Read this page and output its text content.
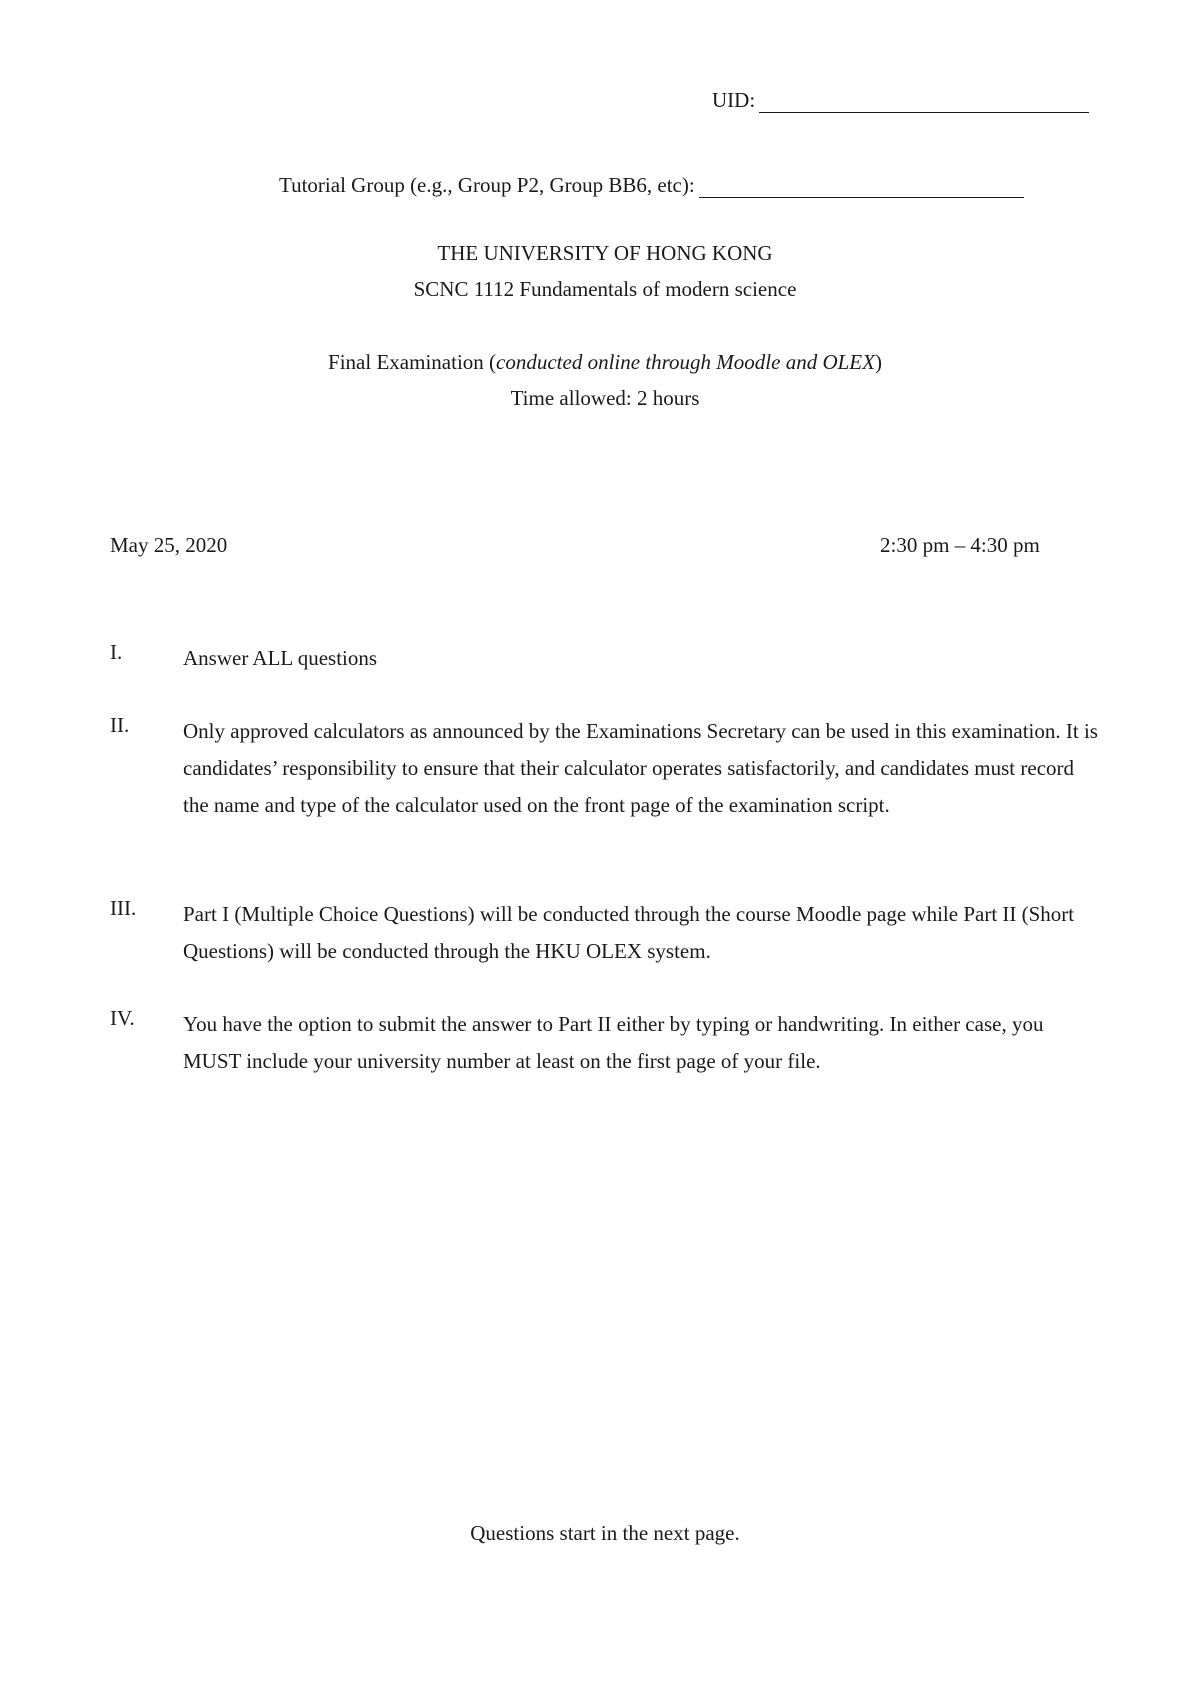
UID:
Tutorial Group (e.g., Group P2, Group BB6, etc):
THE UNIVERSITY OF HONG KONG
SCNC 1112 Fundamentals of modern science
Final Examination (conducted online through Moodle and OLEX)
Time allowed: 2 hours
May 25, 2020	2:30 pm – 4:30 pm
I.	Answer ALL questions
II.	Only approved calculators as announced by the Examinations Secretary can be used in this examination. It is candidates’ responsibility to ensure that their calculator operates satisfactorily, and candidates must record the name and type of the calculator used on the front page of the examination script.
III. Part I (Multiple Choice Questions) will be conducted through the course Moodle page while Part II (Short Questions) will be conducted through the HKU OLEX system.
IV. You have the option to submit the answer to Part II either by typing or handwriting. In either case, you MUST include your university number at least on the first page of your file.
Questions start in the next page.
